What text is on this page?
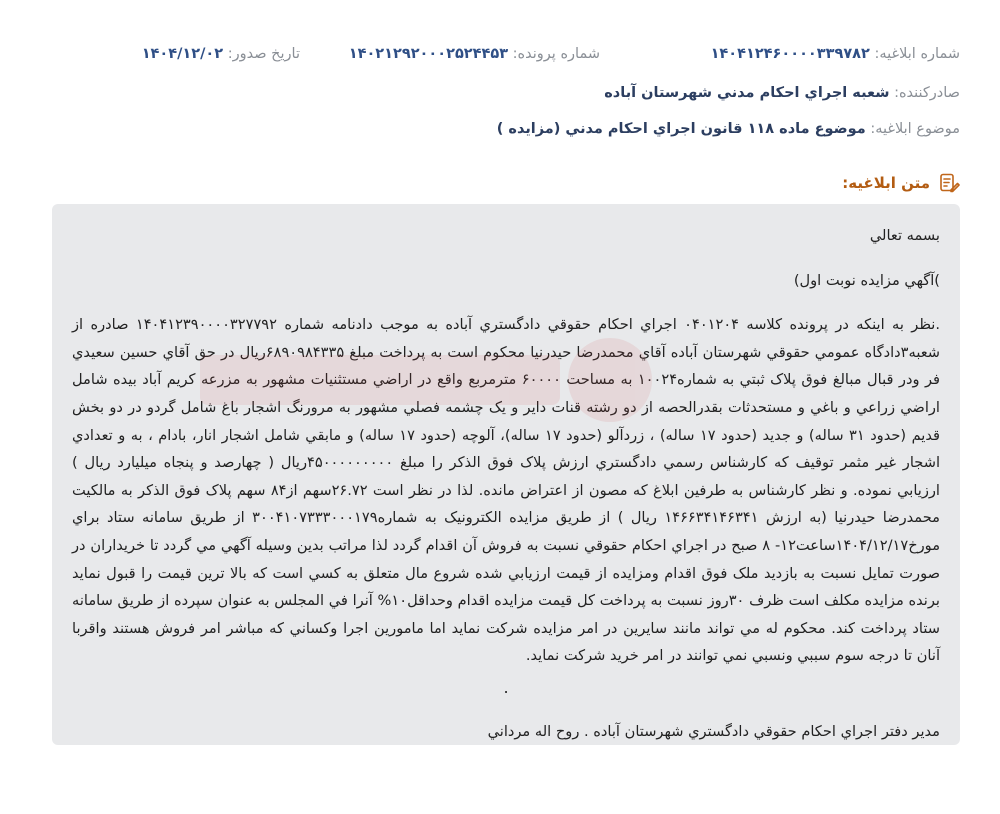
شماره ابلاغيه: ۱۴۰۴۱۲۴۶۰۰۰۰۳۳۹۷۸۲
شماره پرونده: ۱۴۰۲۱۲۹۲۰۰۰۲۵۲۴۴۵۳
تاريخ صدور: ۱۴۰۴/۱۲/۰۲
صادرکننده: شعبه اجراي احکام مدني شهرستان آباده
موضوع ابلاغيه: موضوع ماده ۱۱۸ قانون اجراي احکام مدني (مزايده )
متن ابلاغيه:

بسمه تعالي

)آگهي مزايده نوبت اول)

.نظر به اينکه در پرونده کلاسه ۰۴۰۱۲۰۴ اجراي احکام حقوقي دادگستري آباده به موجب دادنامه شماره ۱۴۰۴۱۲۳۹۰۰۰۰۳۲۷۷۹۲ صادره از شعبه۳دادگاه عمومي حقوقي شهرستان آباده آقاي محمدرضا حيدرنيا محکوم است به پرداخت مبلغ ۶۸۹۰۹۸۴۳۳۵ريال در حق آقاي حسين سعيدي فر ودر قبال مبالغ فوق پلاک ثبتي به شماره۱۰۰۲۴ به مساحت ۶۰۰۰۰ مترمربع واقع در اراضي مستثنيات مشهور به مزرعه کريم آباد بيده شامل اراضي زراعي و باغي و مستحدثات بقدرالحصه از دو رشته قنات داير و يک چشمه فصلي مشهور به مرورنگ اشجار باغ شامل گردو در دو بخش قديم (حدود ۳۱ ساله) و جديد (حدود ۱۷ ساله) ، زردآلو (حدود ۱۷ ساله)، آلوچه (حدود ۱۷ ساله) و مابقي شامل اشجار انار، بادام ، به و تعدادي اشجار غير مثمر توقيف که کارشناس رسمي دادگستري ارزش پلاک فوق الذکر را مبلغ ۴۵۰۰۰۰۰۰۰۰۰ريال ( چهارصد و پنجاه ميليارد ريال ) ارزيابي نموده. و نظر کارشناس به طرفين ابلاغ که مصون از اعتراض مانده. لذا در نظر است ۲۶.۷۲سهم از۸۴ سهم پلاک فوق الذکر به مالکيت محمدرضا حيدرنيا (به ارزش ۱۴۶۶۳۴۱۴۶۳۴۱ ريال ) از طريق مزايده الکترونيک به شماره۳۰۰۴۱۰۷۳۳۳۰۰۰۱۷۹ از طريق سامانه ستاد براي مورخ۱۴۰۴/۱۲/۱۷ساعت۱۲- ۸ صبح در اجراي احکام حقوقي نسبت به فروش آن اقدام گردد لذا مراتب بدين وسيله آگهي مي گردد تا خريداران در صورت تمايل نسبت به بازديد ملک فوق اقدام ومزايده از قيمت ارزيابي شده شروع مال متعلق به کسي است که بالا ترين قيمت را قبول نمايد برنده مزايده مکلف است ظرف ۳۰روز نسبت به پرداخت کل قيمت مزايده اقدام وحداقل۱۰% آنرا في المجلس به عنوان سپرده از طريق سامانه ستاد پرداخت کند. محکوم له مي تواند مانند سايرين در امر مزايده شرکت نمايد اما مامورين اجرا وکساني که مباشر امر فروش هستند واقربا آنان تا درجه سوم سببي ونسبي نمي توانند در امر خريد شرکت نمايد.

.

مدير دفتر اجراي احکام حقوقي دادگستري شهرستان آباده . روح اله مرداني
